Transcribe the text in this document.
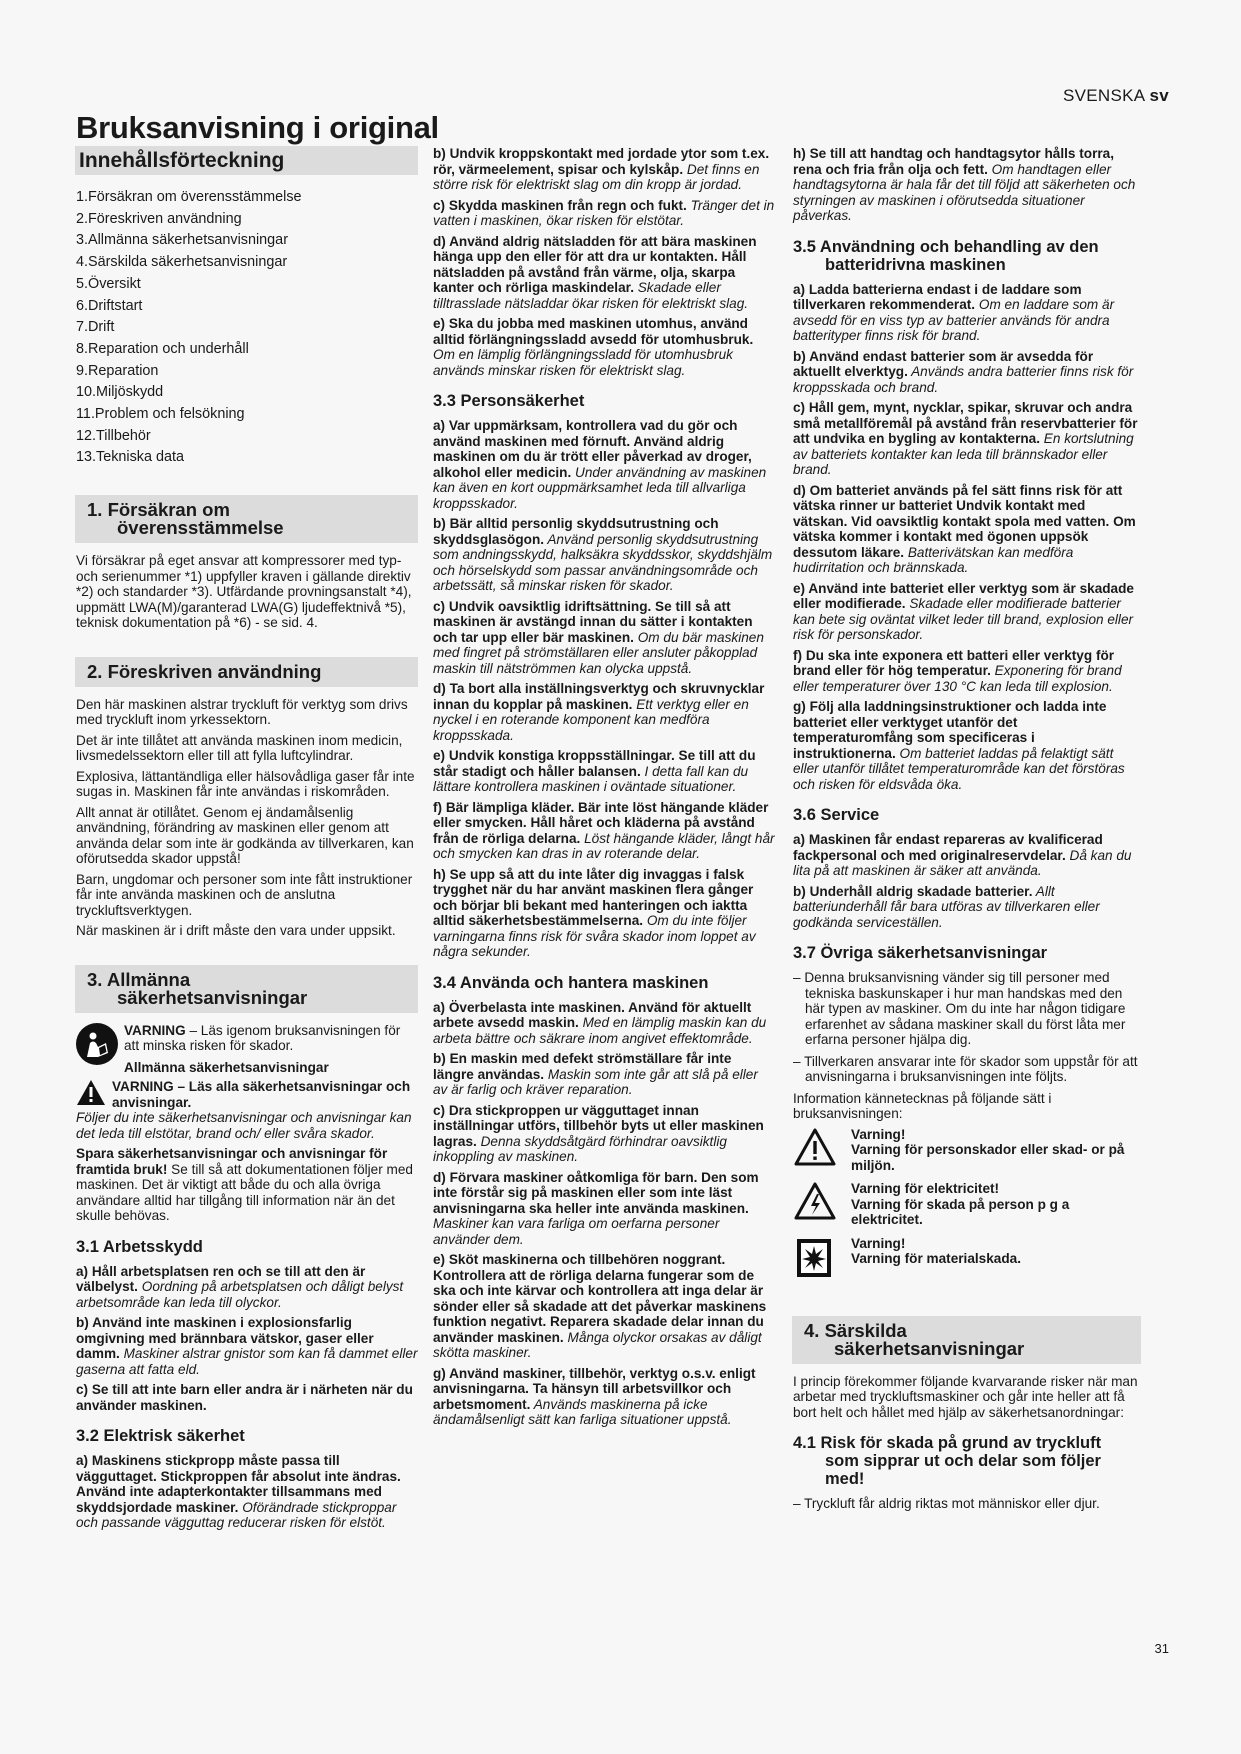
SVENSKA sv
Bruksanvisning i original
Innehållsförteckning
1.Försäkran om överensstämmelse
2.Föreskriven användning
3.Allmänna säkerhetsanvisningar
4.Särskilda säkerhetsanvisningar
5.Översikt
6.Driftstart
7.Drift
8.Reparation och underhåll
9.Reparation
10.Miljöskydd
11.Problem och felsökning
12.Tillbehör
13.Tekniska data
1. Försäkran om
överensstämmelse

Vi försäkrar på eget ansvar att kompressorer med typ- och serienummer *1) uppfyller kraven i gällande direktiv *2) och standarder *3). Utfärdande provningsanstalt *4), uppmätt LWA(M)/garanterad LWA(G) ljudeffektnivå *5), teknisk dokumentation på *6) - se sid. 4.

2. Föreskriven användning

Den här maskinen alstrar tryckluft för verktyg som drivs med tryckluft inom yrkessektorn.

Det är inte tillåtet att använda maskinen inom medicin, livsmedelssektorn eller till att fylla luftcylindrar.

Explosiva, lättantändliga eller hälsovådliga gaser får inte sugas in. Maskinen får inte användas i riskområden.

Allt annat är otillåtet. Genom ej ändamålsenlig användning, förändring av maskinen eller genom att använda delar som inte är godkända av tillverkaren, kan oförutsedda skador uppstå!

Barn, ungdomar och personer som inte fått instruktioner får inte använda maskinen och de anslutna tryckluftsverktygen.

När maskinen är i drift måste den vara under uppsikt.

3. Allmänna
säkerhetsanvisningar
VARNING – Läs igenom bruksanvisningen för att minska risken för skador.
Allmänna säkerhetsanvisningar
VARNING – Läs alla säkerhetsanvisningar och anvisningar.

Följer du inte säkerhetsanvisningar och anvisningar kan det leda till elstötar, brand och/ eller svåra skador.

Spara säkerhetsanvisningar och anvisningar för framtida bruk! Se till så att dokumentationen följer med maskinen. Det är viktigt att både du och alla övriga användare alltid har tillgång till information när än det skulle behövas.

3.1 Arbetsskydd

a) Håll arbetsplatsen ren och se till att den är välbelyst. Oordning på arbetsplatsen och dåligt belyst arbetsområde kan leda till olyckor.

b) Använd inte maskinen i explosionsfarlig omgivning med brännbara vätskor, gaser eller damm. Maskiner alstrar gnistor som kan få dammet eller gaserna att fatta eld.

c) Se till att inte barn eller andra är i närheten när du använder maskinen.

3.2 Elektrisk säkerhet

a) Maskinens stickpropp måste passa till vägguttaget. Stickproppen får absolut inte ändras. Använd inte adapterkontakter tillsammans med skyddsjordade maskiner. Oförändrade stickproppar och passande vägguttag reducerar risken för elstöt.

b) Undvik kroppskontakt med jordade ytor som t.ex. rör, värmeelement, spisar och kylskåp. Det finns en större risk för elektriskt slag om din kropp är jordad.

c) Skydda maskinen från regn och fukt. Tränger det in vatten i maskinen, ökar risken för elstötar.

d) Använd aldrig nätsladden för att bära maskinen hänga upp den eller för att dra ur kontakten. Håll nätsladden på avstånd från värme, olja, skarpa kanter och rörliga maskindelar. Skadade eller tilltrasslade nätsladdar ökar risken för elektriskt slag.

e) Ska du jobba med maskinen utomhus, använd alltid förlängningssladd avsedd för utomhusbruk. Om en lämplig förlängningssladd för utomhusbruk används minskar risken för elektriskt slag.

3.3 Personsäkerhet

a) Var uppmärksam, kontrollera vad du gör och använd maskinen med förnuft. Använd aldrig maskinen om du är trött eller påverkad av droger, alkohol eller medicin. Under användning av maskinen kan även en kort ouppmärksamhet leda till allvarliga kroppsskador.

b) Bär alltid personlig skyddsutrustning och skyddsglasögon. Använd personlig skyddsutrustning som andningsskydd, halksäkra skyddsskor, skyddshjälm och hörselskydd som passar användningsområde och arbetssätt, så minskar risken för skador.

c) Undvik oavsiktlig idriftsättning. Se till så att maskinen är avstängd innan du sätter i kontakten och tar upp eller bär maskinen. Om du bär maskinen med fingret på strömställaren eller ansluter påkopplad maskin till nätströmmen kan olycka uppstå.

d) Ta bort alla inställningsverktyg och skruvnycklar innan du kopplar på maskinen. Ett verktyg eller en nyckel i en roterande komponent kan medföra kroppsskada.

e) Undvik konstiga kroppsställningar. Se till att du står stadigt och håller balansen. I detta fall kan du lättare kontrollera maskinen i oväntade situationer.

f) Bär lämpliga kläder. Bär inte löst hängande kläder eller smycken. Håll håret och kläderna på avstånd från de rörliga delarna. Löst hängande kläder, långt hår och smycken kan dras in av roterande delar.

h) Se upp så att du inte låter dig invaggas i falsk trygghet när du har använt maskinen flera gånger och börjar bli bekant med hanteringen och iaktta alltid säkerhetsbestämmelserna. Om du inte följer varningarna finns risk för svåra skador inom loppet av några sekunder.

3.4 Använda och hantera maskinen

a) Överbelasta inte maskinen. Använd för aktuellt arbete avsedd maskin. Med en lämplig maskin kan du arbeta bättre och säkrare inom angivet effektområde.

b) En maskin med defekt strömställare får inte längre användas. Maskin som inte går att slå på eller av är farlig och kräver reparation.

c) Dra stickproppen ur vägguttaget innan inställningar utförs, tillbehör byts ut eller maskinen lagras. Denna skyddsåtgärd förhindrar oavsiktlig inkoppling av maskinen.

d) Förvara maskiner oåtkomliga för barn. Den som inte förstår sig på maskinen eller som inte läst anvisningarna ska heller inte använda maskinen. Maskiner kan vara farliga om oerfarna personer använder dem.

e) Sköt maskinerna och tillbehören noggrant. Kontrollera att de rörliga delarna fungerar som de ska och inte kärvar och kontrollera att inga delar är sönder eller så skadade att det påverkar maskinens funktion negativt. Reparera skadade delar innan du använder maskinen. Många olyckor orsakas av dåligt skötta maskiner.

g) Använd maskiner, tillbehör, verktyg o.s.v. enligt anvisningarna. Ta hänsyn till arbetsvillkor och arbetsmoment. Används maskinerna på icke ändamålsenligt sätt kan farliga situationer uppstå.

h) Se till att handtag och handtagsytor hålls torra, rena och fria från olja och fett. Om handtagen eller handtagsytorna är hala får det till följd att säkerheten och styrningen av maskinen i oförutsedda situationer påverkas.

3.5 Användning och behandling av den
batteridrivna maskinen

a) Ladda batterierna endast i de laddare som tillverkaren rekommenderat. Om en laddare som är avsedd för en viss typ av batterier används för andra batterityper finns risk för brand.

b) Använd endast batterier som är avsedda för aktuellt elverktyg. Används andra batterier finns risk för kroppsskada och brand.

c) Håll gem, mynt, nycklar, spikar, skruvar och andra små metallföremål på avstånd från reservbatterier för att undvika en bygling av kontakterna. En kortslutning av batteriets kontakter kan leda till brännskador eller brand.

d) Om batteriet används på fel sätt finns risk för att vätska rinner ur batteriet Undvik kontakt med vätskan. Vid oavsiktlig kontakt spola med vatten. Om vätska kommer i kontakt med ögonen uppsök dessutom läkare. Batterivätskan kan medföra hudirritation och brännskada.

e) Använd inte batteriet eller verktyg som är skadade eller modifierade. Skadade eller modifierade batterier kan bete sig oväntat vilket leder till brand, explosion eller risk för personskador.

f) Du ska inte exponera ett batteri eller verktyg för brand eller för hög temperatur. Exponering för brand eller temperaturer över 130 °C kan leda till explosion.

g) Följ alla laddningsinstruktioner och ladda inte batteriet eller verktyget utanför det temperaturomfång som specificeras i instruktionerna. Om batteriet laddas på felaktigt sätt eller utanför tillåtet temperaturområde kan det förstöras och risken för eldsvåda öka.

3.6 Service

a) Maskinen får endast repareras av kvalificerad fackpersonal och med originalreservdelar. Då kan du lita på att maskinen är säker att använda.

b) Underhåll aldrig skadade batterier. Allt batteriunderhåll får bara utföras av tillverkaren eller godkända serviceställen.

3.7 Övriga säkerhetsanvisningar

– Denna bruksanvisning vänder sig till personer med tekniska baskunskaper i hur man handskas med den här typen av maskiner. Om du inte har någon tidigare erfarenhet av sådana maskiner skall du först låta mer erfarna personer hjälpa dig.

– Tillverkaren ansvarar inte för skador som uppstår för att anvisningarna i bruksanvisningen inte följts.

Information kännetecknas på följande sätt i bruksanvisningen:

Varning!
Varning för personskador eller skad- or på miljön.
Varning för elektricitet!
Varning för skada på person p g a elektricitet.
Varning!
Varning för materialskada.
4. Särskilda
säkerhetsanvisningar

I princip förekommer följande kvarvarande risker när man arbetar med tryckluftsmaskiner och går inte heller att få bort helt och hållet med hjälp av säkerhetsanordningar:

4.1 Risk för skada på grund av tryckluft
som sipprar ut och delar som följer med!

– Tryckluft får aldrig riktas mot människor eller djur.

31
